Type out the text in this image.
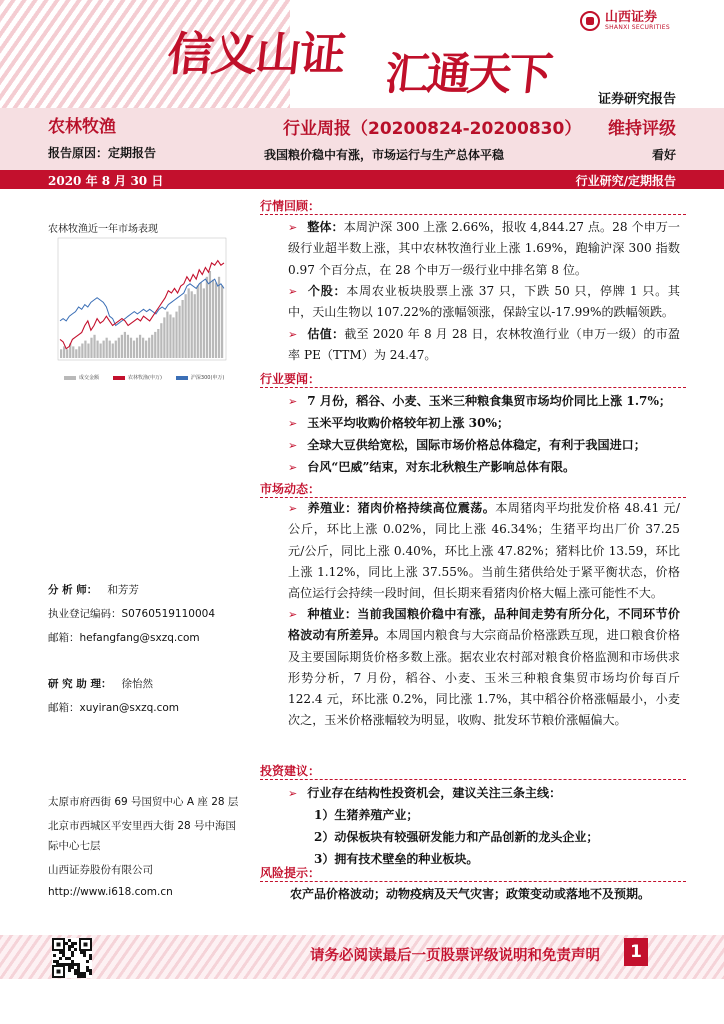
信义山证 汇通天下
山西证券
SHANXI SECURITIES
证券研究报告
农林牧渔	行业周报（20200824-20200830） 维持评级
报告原因：定期报告	我国粮价稳中有涨，市场运行与生产总体平稳	看好
2020 年 8 月 30 日	行业研究/定期报告
农林牧渔近一年市场表现
成交金额	农林牧渔(申万)	沪深300(申万)
分 析 师： 和芳芳
执业登记编码：S0760519110004
邮箱：hefangfang@sxzq.com
研 究 助 理： 徐怡然
邮箱：xuyiran@sxzq.com
太原市府西街 69 号国贸中心 A 座 28 层
北京市西城区平安里西大街 28 号中海国
际中心七层
山西证券股份有限公司
http://www.i618.com.cn
行情回顾：
➢ 整体：本周沪深 300 上涨 2.66%，报收 4,844.27 点。28 个申万一级行业超半数上涨，其中农林牧渔行业上涨 1.69%，跑输沪深 300 指数 0.97 个百分点，在 28 个申万一级行业中排名第 8 位。
➢ 个股：本周农业板块股票上涨 37 只，下跌 50 只，停牌 1 只。其中，天山生物以 107.22%的涨幅领涨，保龄宝以-17.99%的跌幅领跌。
➢ 估值：截至 2020 年 8 月 28 日，农林牧渔行业（申万一级）的市盈率 PE（TTM）为 24.47。
行业要闻：
➢ 7 月份，稻谷、小麦、玉米三种粮食集贸市场均价同比上涨 1.7%；
➢ 玉米平均收购价格较年初上涨 30%；
➢ 全球大豆供给宽松，国际市场价格总体稳定，有利于我国进口；
➢ 台风“巴威”结束，对东北秋粮生产影响总体有限。
市场动态：
➢ 养殖业：猪肉价格持续高位震荡。本周猪肉平均批发价格 48.41 元/公斤，环比上涨 0.02%，同比上涨 46.34%；生猪平均出厂价 37.25 元/公斤，同比上涨 0.40%，环比上涨 47.82%；猪料比价 13.59，环比上涨 1.12%，同比上涨 37.55%。当前生猪供给处于紧平衡状态，价格高位运行会持续一段时间，但长期来看猪肉价格大幅上涨可能性不大。
➢ 种植业：当前我国粮价稳中有涨，品种间走势有所分化，不同环节价格波动有所差异。本周国内粮食与大宗商品价格涨跌互现，进口粮食价格及主要国际期货价格多数上涨。据农业农村部对粮食价格监测和市场供求形势分析，7 月份，稻谷、小麦、玉米三种粮食集贸市场均价每百斤 122.4 元，环比涨 0.2%，同比涨 1.7%，其中稻谷价格涨幅最小，小麦次之，玉米价格涨幅较为明显，收购、批发环节粮价涨幅偏大。
投资建议：
➢ 行业存在结构性投资机会，建议关注三条主线：
1）生猪养殖产业；
2）动保板块有较强研发能力和产品创新的龙头企业；
3）拥有技术壁垒的种业板块。
风险提示：
农产品价格波动；动物疫病及天气灾害；政策变动或落地不及预期。
请务必阅读最后一页股票评级说明和免责声明	1
